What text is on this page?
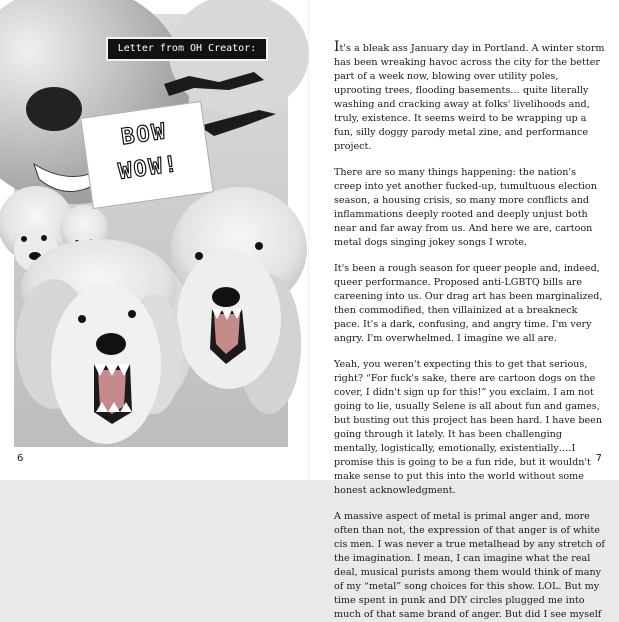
Letter from OH Creator:
BOW WOW!
6

It's a bleak ass January day in Portland. A winter storm has been wreaking havoc across the city for the better part of a week now, blowing over utility poles, uprooting trees, flooding basements… quite literally washing and cracking away at folks' livelihoods and, truly, existence. It seems weird to be wrapping up a fun, silly doggy parody metal zine, and performance project.

There are so many things happening: the nation's creep into yet another fucked-up, tumultuous election season, a housing crisis, so many more conflicts and inflammations deeply rooted and deeply unjust both near and far away from us. And here we are, cartoon metal dogs singing jokey songs I wrote.

It's been a rough season for queer people and, indeed, queer performance. Proposed anti-LGBTQ bills are careening into us. Our drag art has been marginalized, then commodified, then villainized at a breakneck pace. It's a dark, confusing, and angry time. I'm very angry. I'm overwhelmed. I imagine we all are.

Yeah, you weren't expecting this to get that serious, right? “For fuck's sake, there are cartoon dogs on the cover, I didn't sign up for this!” you exclaim. I am not going to lie, usually Selene is all about fun and games, but busting out this project has been hard. I have been going through it lately. It has been challenging mentally, logistically, emotionally, existentially….I promise this is going to be a fun ride, but it wouldn't make sense to put this into the world without some honest acknowledgment.

A massive aspect of metal is primal anger and, more often than not, the expression of that anger is of white cis men. I was never a true metalhead by any stretch of the imagination. I mean, I can imagine what the real deal, musical purists among them would think of many of my “metal” song choices for this show. LOL. But my time spent in punk and DIY circles plugged me into much of that same brand of anger. But did I see myself

7
